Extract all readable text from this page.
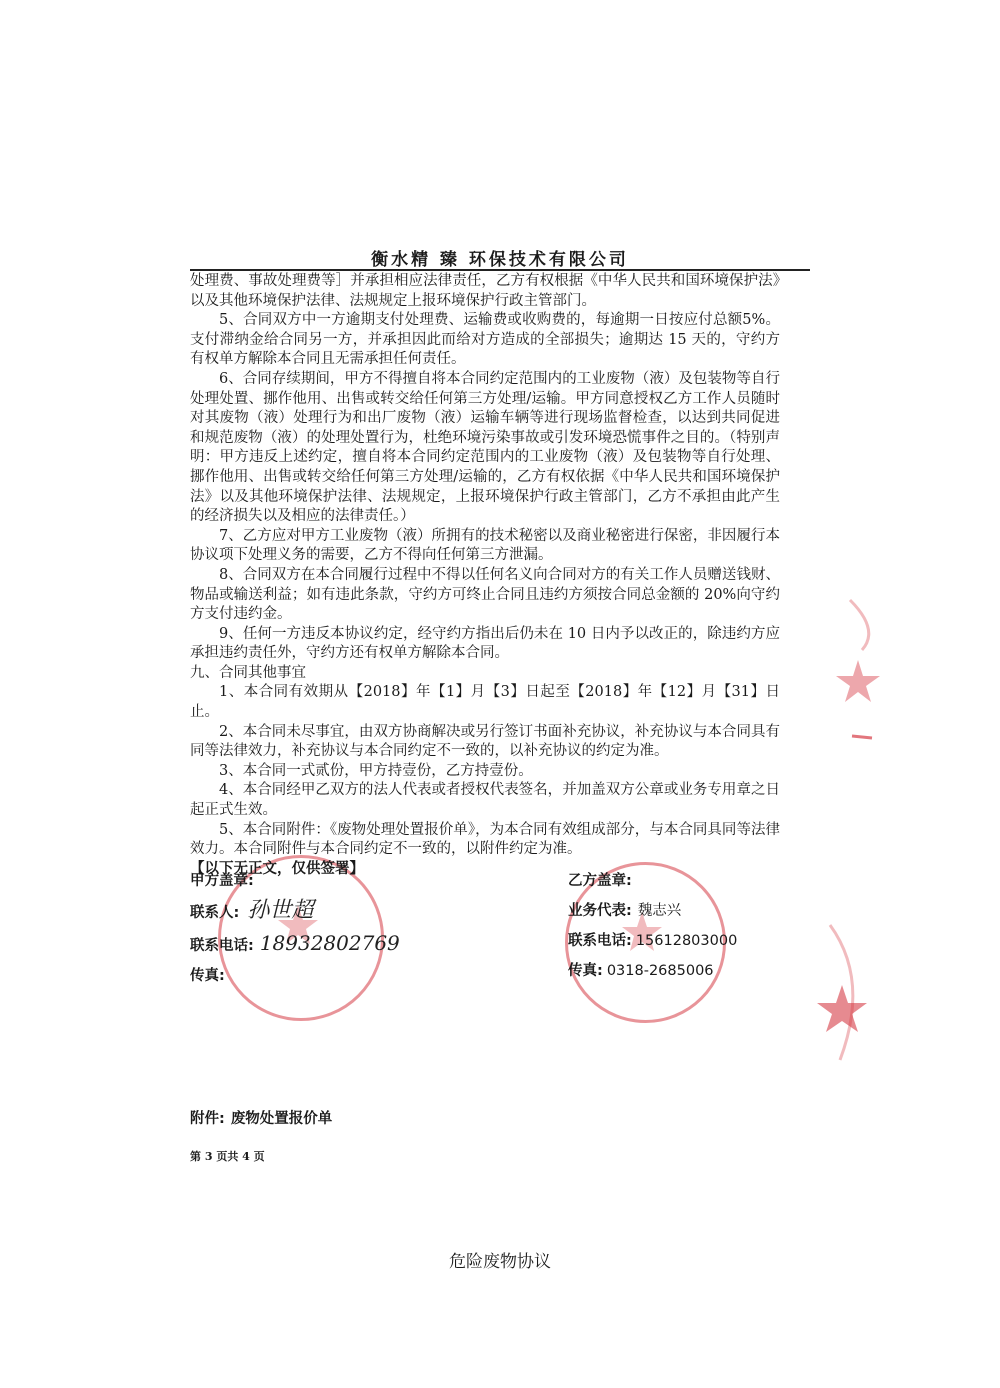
衡水精 臻 环保技术有限公司

处理费、事故处理费等］并承担相应法律责任，乙方有权根据《中华人民共和国环境保护法》以及其他环境保护法律、法规规定上报环境保护行政主管部门。

5、合同双方中一方逾期支付处理费、运输费或收购费的，每逾期一日按应付总额5%。支付滞纳金给合同另一方，并承担因此而给对方造成的全部损失；逾期达 15 天的，守约方有权单方解除本合同且无需承担任何责任。

6、合同存续期间，甲方不得擅自将本合同约定范围内的工业废物（液）及包装物等自行处理处置、挪作他用、出售或转交给任何第三方处理/运输。甲方同意授权乙方工作人员随时对其废物（液）处理行为和出厂废物（液）运输车辆等进行现场监督检查，以达到共同促进和规范废物（液）的处理处置行为，杜绝环境污染事故或引发环境恐慌事件之目的。（特别声明：甲方违反上述约定，擅自将本合同约定范围内的工业废物（液）及包装物等自行处理、挪作他用、出售或转交给任何第三方处理/运输的，乙方有权依据《中华人民共和国环境保护法》以及其他环境保护法律、法规规定，上报环境保护行政主管部门，乙方不承担由此产生的经济损失以及相应的法律责任。）

7、乙方应对甲方工业废物（液）所拥有的技术秘密以及商业秘密进行保密，非因履行本协议项下处理义务的需要，乙方不得向任何第三方泄漏。

8、合同双方在本合同履行过程中不得以任何名义向合同对方的有关工作人员赠送钱财、物品或输送利益；如有违此条款，守约方可终止合同且违约方须按合同总金额的 20%向守约方支付违约金。

9、任何一方违反本协议约定，经守约方指出后仍未在 10 日内予以改正的，除违约方应承担违约责任外，守约方还有权单方解除本合同。

九、合同其他事宜

1、本合同有效期从【2018】年【1】月【3】日起至【2018】年【12】月【31】日止。

2、本合同未尽事宜，由双方协商解决或另行签订书面补充协议，补充协议与本合同具有同等法律效力，补充协议与本合同约定不一致的，以补充协议的约定为准。

3、本合同一式贰份，甲方持壹份，乙方持壹份。

4、本合同经甲乙双方的法人代表或者授权代表签名，并加盖双方公章或业务专用章之日起正式生效。

5、本合同附件：《废物处理处置报价单》，为本合同有效组成部分，与本合同具同等法律效力。本合同附件与本合同约定不一致的，以附件约定为准。

【以下无正文，仅供签署】

甲方盖章:
联系人: 孙世超
联系电话: 18932802769
传真:
乙方盖章:
业务代表: 魏志兴
联系电话: 15612803000
传真: 0318-2685006
附件: 废物处置报价单
第 3 页共 4 页
危险废物协议
